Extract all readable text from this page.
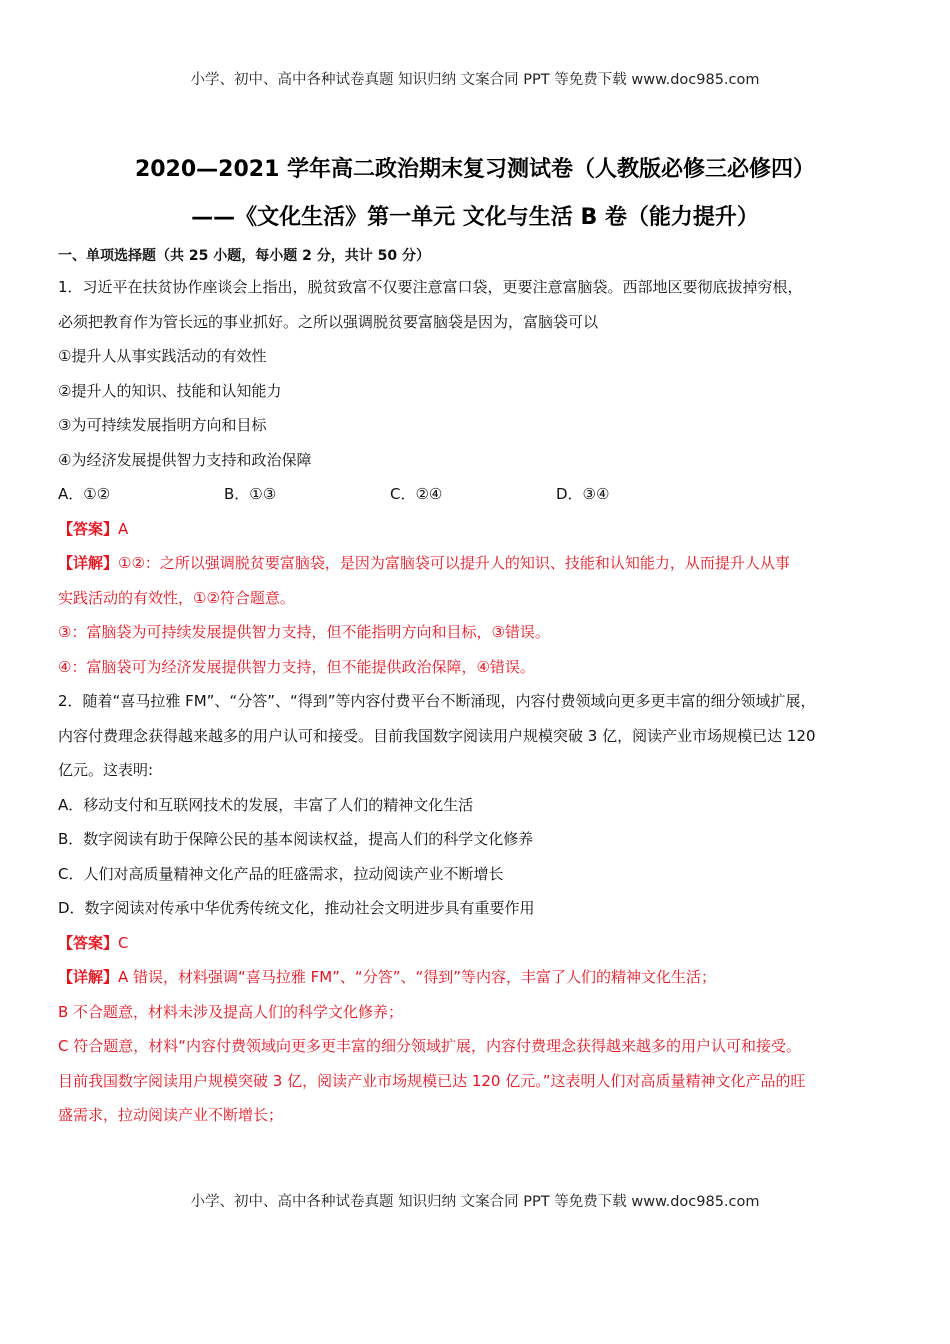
小学、初中、高中各种试卷真题 知识归纳 文案合同 PPT 等免费下载 www.doc985.com
2020—2021 学年高二政治期末复习测试卷（人教版必修三必修四）
——《文化生活》第一单元 文化与生活 B 卷（能力提升）
一、单项选择题（共 25 小题，每小题 2 分，共计 50 分）
1．习近平在扶贫协作座谈会上指出，脱贫致富不仅要注意富口袋，更要注意富脑袋。西部地区要彻底拔掉穷根，
必须把教育作为管长远的事业抓好。之所以强调脱贫要富脑袋是因为，富脑袋可以
①提升人从事实践活动的有效性
②提升人的知识、技能和认知能力
③为可持续发展指明方向和目标
④为经济发展提供智力支持和政治保障
A．①②	B．①③	C．②④	D．③④
【答案】A
【详解】①②：之所以强调脱贫要富脑袋，是因为富脑袋可以提升人的知识、技能和认知能力，从而提升人从事
实践活动的有效性，①②符合题意。
③：富脑袋为可持续发展提供智力支持，但不能指明方向和目标，③错误。
④：富脑袋可为经济发展提供智力支持，但不能提供政治保障，④错误。
2．随着“喜马拉雅 FM”、“分答”、“得到”等内容付费平台不断涌现，内容付费领域向更多更丰富的细分领域扩展，
内容付费理念获得越来越多的用户认可和接受。目前我国数字阅读用户规模突破 3 亿，阅读产业市场规模已达 120
亿元。这表明:
A．移动支付和互联网技术的发展，丰富了人们的精神文化生活
B．数字阅读有助于保障公民的基本阅读权益，提高人们的科学文化修养
C．人们对高质量精神文化产品的旺盛需求，拉动阅读产业不断增长
D．数字阅读对传承中华优秀传统文化，推动社会文明进步具有重要作用
【答案】C
【详解】A 错误，材料强调“喜马拉雅 FM”、“分答”、“得到”等内容，丰富了人们的精神文化生活；
B 不合题意，材料未涉及提高人们的科学文化修养；
C 符合题意，材料“内容付费领域向更多更丰富的细分领域扩展，内容付费理念获得越来越多的用户认可和接受。
目前我国数字阅读用户规模突破 3 亿，阅读产业市场规模已达 120 亿元。”这表明人们对高质量精神文化产品的旺
盛需求，拉动阅读产业不断增长；
小学、初中、高中各种试卷真题 知识归纳 文案合同 PPT 等免费下载 www.doc985.com
